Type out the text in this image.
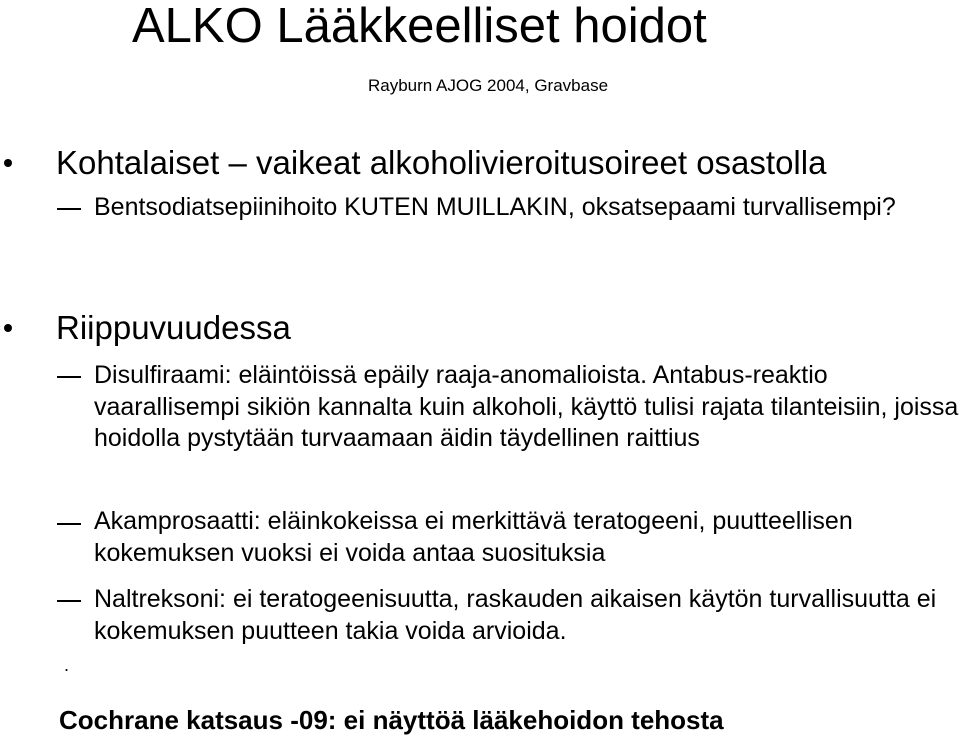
ALKO Lääkkeelliset hoidot
Rayburn AJOG 2004, Gravbase
Kohtalaiset – vaikeat alkoholivieroitusoireet osastolla
Bentsodiatsepiinihoito KUTEN MUILLAKIN, oksatsepaami turvallisempi?
Riippuvuudessa
Disulfiraami: eläintöissä epäily raaja-anomalioista. Antabus-reaktio vaarallisempi sikiön kannalta kuin alkoholi, käyttö tulisi rajata tilanteisiin, joissa hoidolla pystytään turvaamaan äidin täydellinen raittius
Akamprosaatti: eläinkokeissa ei merkittävä teratogeeni, puutteellisen kokemuksen vuoksi ei voida antaa suosituksia
Naltreksoni: ei teratogeenisuutta, raskauden aikaisen käytön turvallisuutta ei kokemuksen puutteen takia voida arvioida.
.
Cochrane katsaus -09: ei näyttöä lääkehoidon tehosta
